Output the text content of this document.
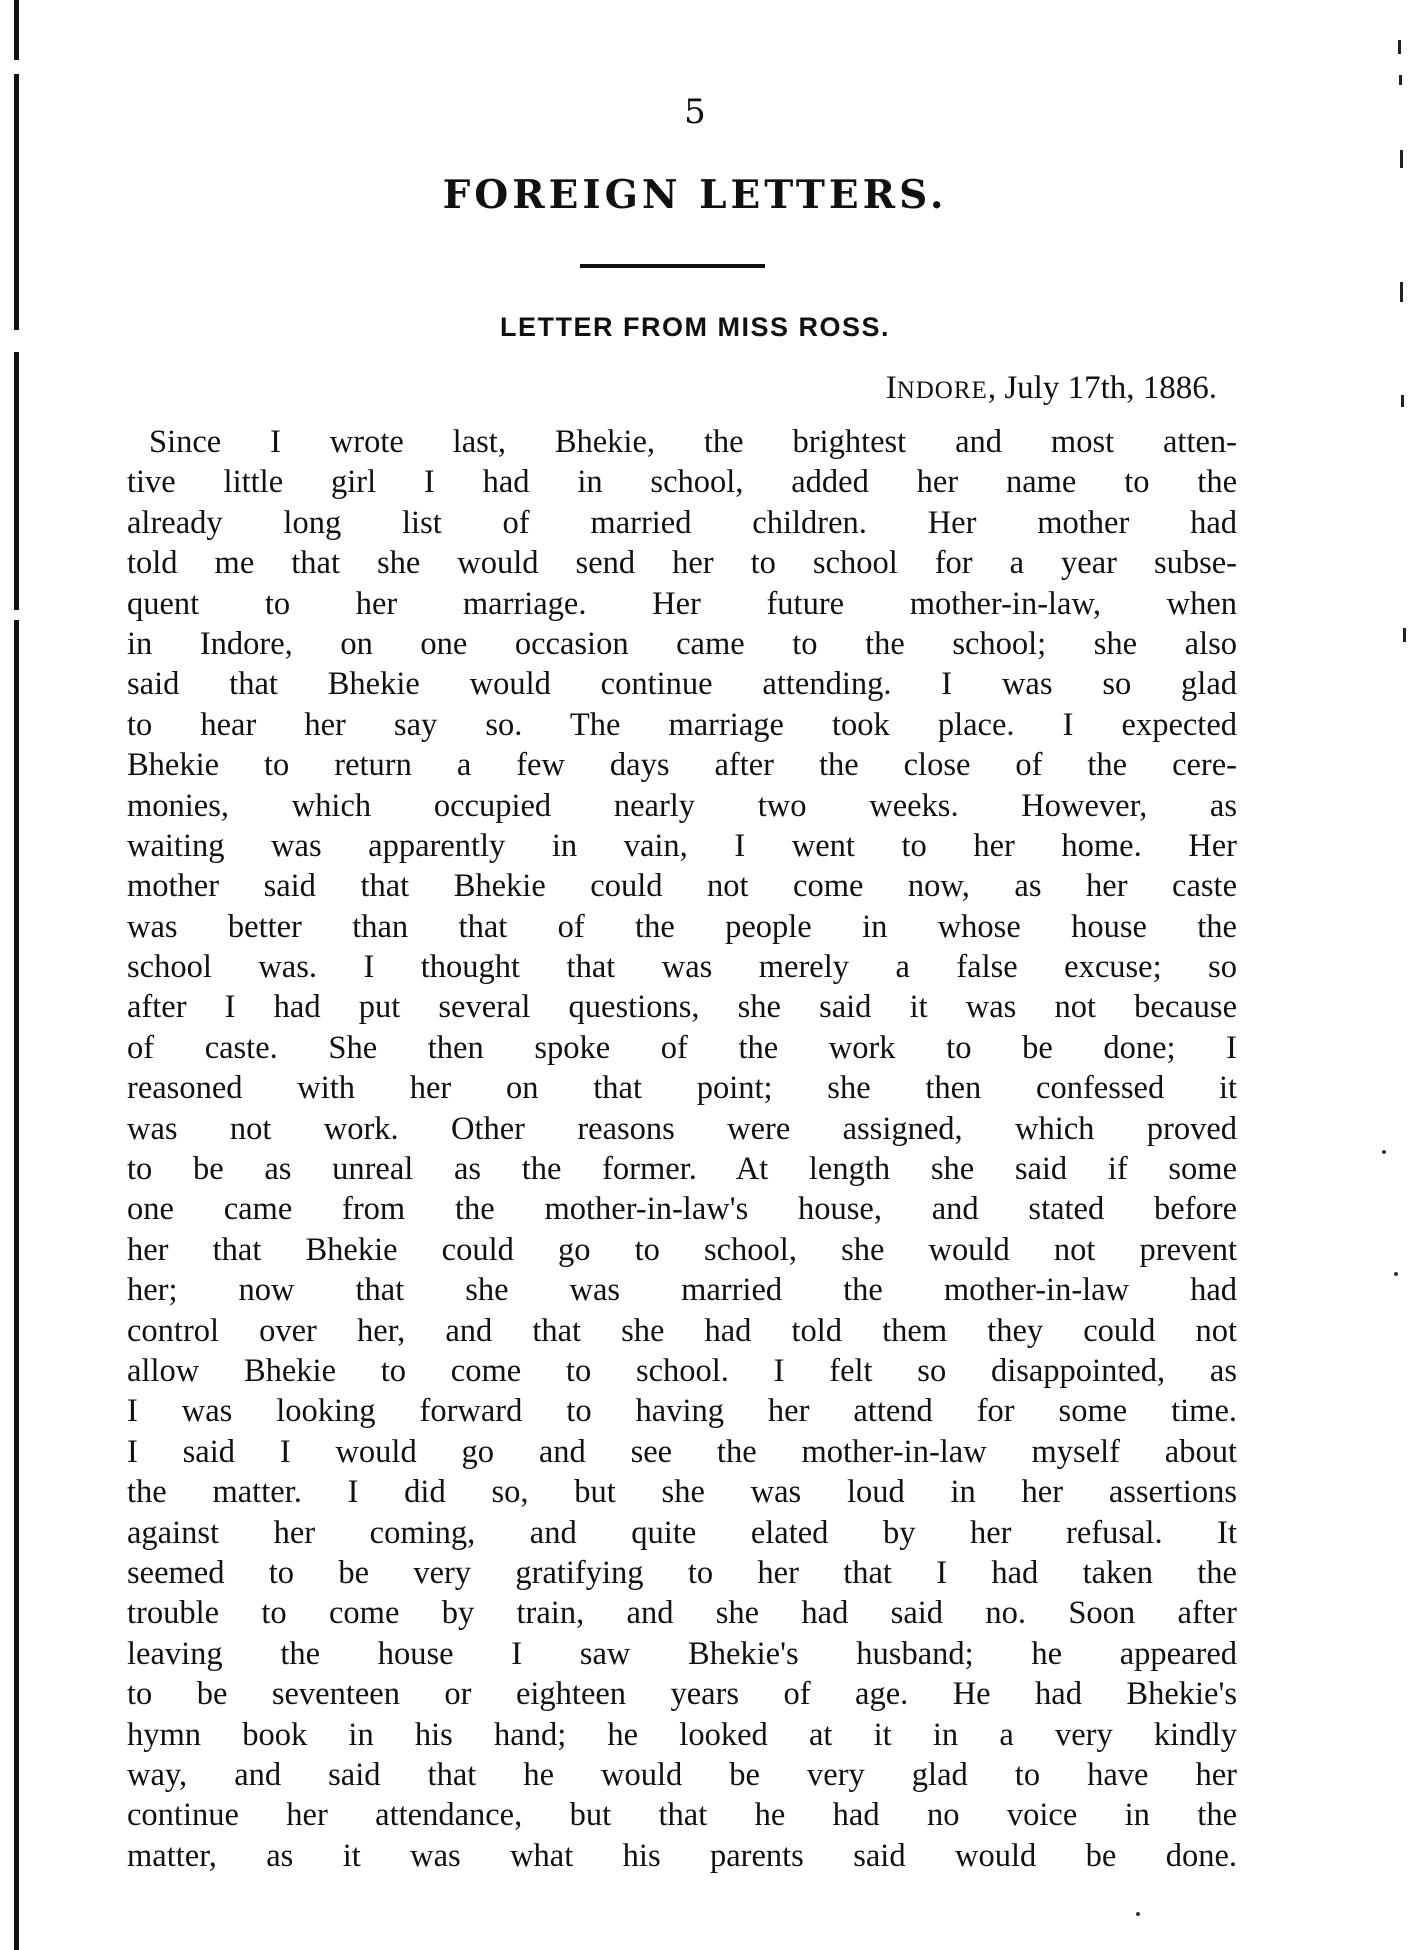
5
FOREIGN LETTERS.
LETTER FROM MISS ROSS.
INDORE, July 17th, 1886.
Since I wrote last, Bhekie, the brightest and most atten-
tive little girl I had in school, added her name to the
already long list of married children. Her mother had
told me that she would send her to school for a year subse-
quent to her marriage. Her future mother-in-law, when
in Indore, on one occasion came to the school; she also
said that Bhekie would continue attending. I was so glad
to hear her say so. The marriage took place. I expected
Bhekie to return a few days after the close of the cere-
monies, which occupied nearly two weeks. However, as
waiting was apparently in vain, I went to her home. Her
mother said that Bhekie could not come now, as her caste
was better than that of the people in whose house the
school was. I thought that was merely a false excuse; so
after I had put several questions, she said it was not because
of caste. She then spoke of the work to be done; I
reasoned with her on that point; she then confessed it
was not work. Other reasons were assigned, which proved
to be as unreal as the former. At length she said if some
one came from the mother-in-law's house, and stated before
her that Bhekie could go to school, she would not prevent
her; now that she was married the mother-in-law had
control over her, and that she had told them they could not
allow Bhekie to come to school. I felt so disappointed, as
I was looking forward to having her attend for some time.
I said I would go and see the mother-in-law myself about
the matter. I did so, but she was loud in her assertions
against her coming, and quite elated by her refusal. It
seemed to be very gratifying to her that I had taken the
trouble to come by train, and she had said no. Soon after
leaving the house I saw Bhekie's husband; he appeared
to be seventeen or eighteen years of age. He had Bhekie's
hymn book in his hand; he looked at it in a very kindly
way, and said that he would be very glad to have her
continue her attendance, but that he had no voice in the
matter, as it was what his parents said would be done.
